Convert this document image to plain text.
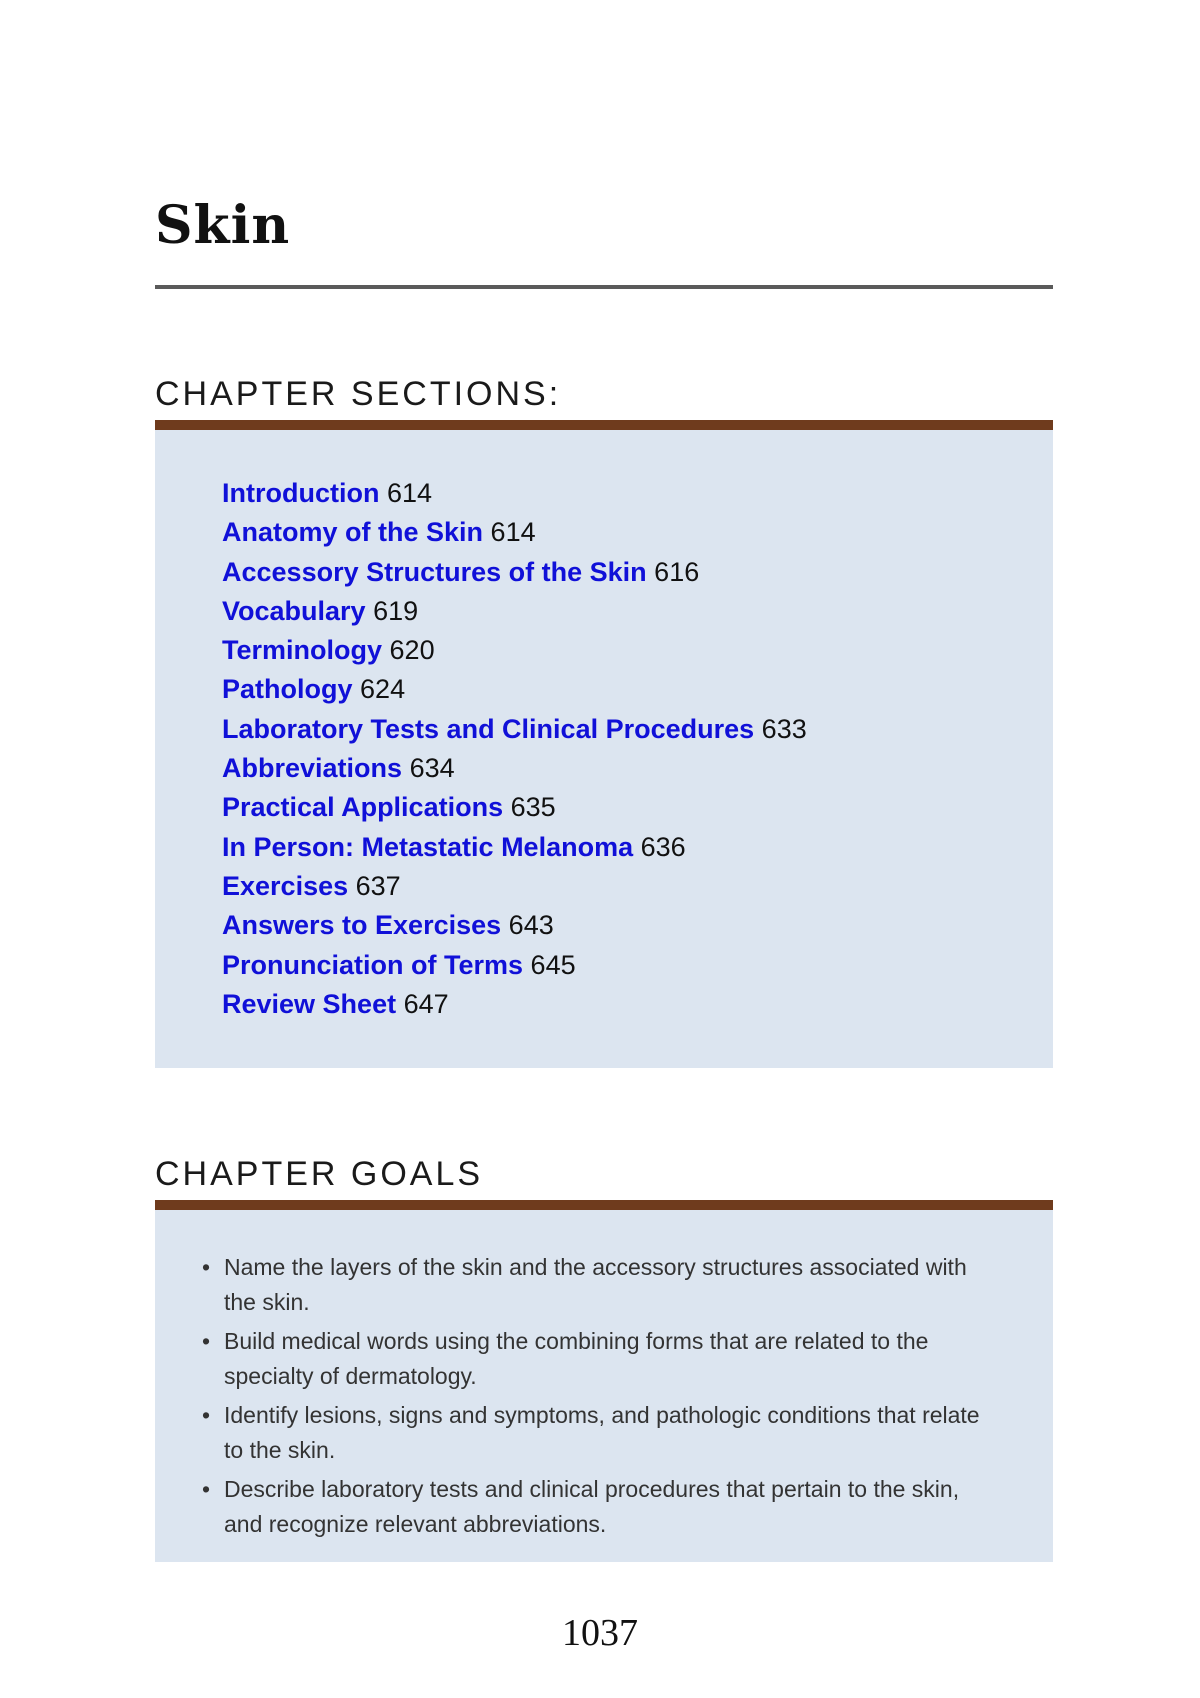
Skin
CHAPTER SECTIONS:
Introduction 614
Anatomy of the Skin 614
Accessory Structures of the Skin 616
Vocabulary 619
Terminology 620
Pathology 624
Laboratory Tests and Clinical Procedures 633
Abbreviations 634
Practical Applications 635
In Person: Metastatic Melanoma 636
Exercises 637
Answers to Exercises 643
Pronunciation of Terms 645
Review Sheet 647
CHAPTER GOALS
• Name the layers of the skin and the accessory structures associated with the skin.
• Build medical words using the combining forms that are related to the specialty of dermatology.
• Identify lesions, signs and symptoms, and pathologic conditions that relate to the skin.
• Describe laboratory tests and clinical procedures that pertain to the skin, and recognize relevant abbreviations.
1037
